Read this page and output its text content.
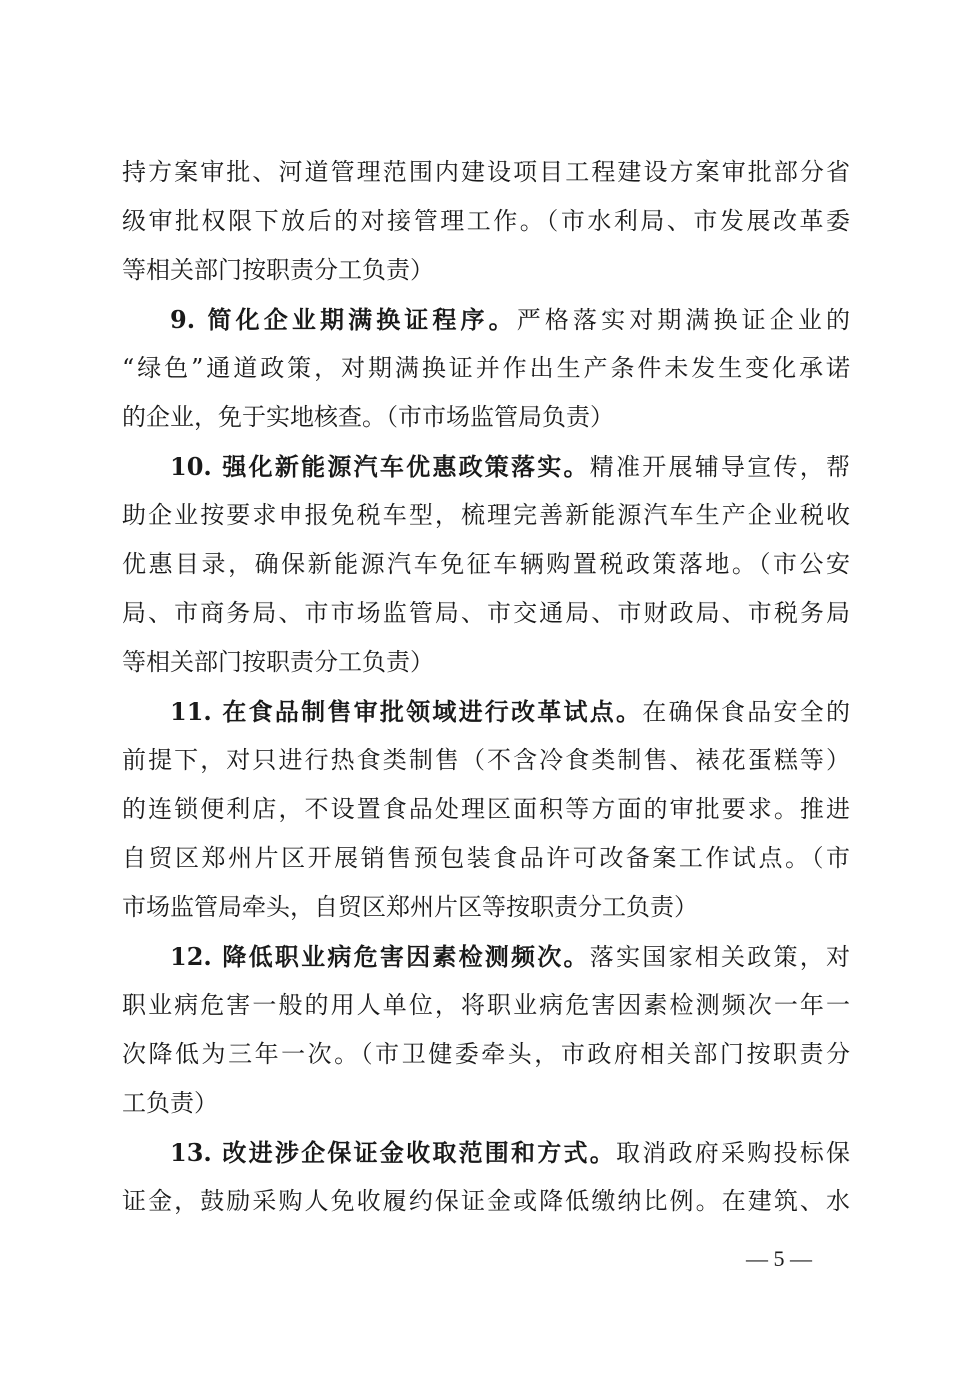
持方案审批、河道管理范围内建设项目工程建设方案审批部分省
级审批权限下放后的对接管理工作。（市水利局、市发展改革委
等相关部门按职责分工负责）
9. 简化企业期满换证程序。严格落实对期满换证企业的
“绿色”通道政策，对期满换证并作出生产条件未发生变化承诺
的企业，免于实地核查。（市市场监管局负责）
10. 强化新能源汽车优惠政策落实。精准开展辅导宣传，帮
助企业按要求申报免税车型，梳理完善新能源汽车生产企业税收
优惠目录，确保新能源汽车免征车辆购置税政策落地。（市公安
局、市商务局、市市场监管局、市交通局、市财政局、市税务局
等相关部门按职责分工负责）
11. 在食品制售审批领域进行改革试点。在确保食品安全的
前提下，对只进行热食类制售（不含冷食类制售、裱花蛋糕等）
的连锁便利店，不设置食品处理区面积等方面的审批要求。推进
自贸区郑州片区开展销售预包装食品许可改备案工作试点。（市
市场监管局牵头，自贸区郑州片区等按职责分工负责）
12. 降低职业病危害因素检测频次。落实国家相关政策，对
职业病危害一般的用人单位，将职业病危害因素检测频次一年一
次降低为三年一次。（市卫健委牵头，市政府相关部门按职责分
工负责）
13. 改进涉企保证金收取范围和方式。取消政府采购投标保
证金，鼓励采购人免收履约保证金或降低缴纳比例。在建筑、水
— 5 —
